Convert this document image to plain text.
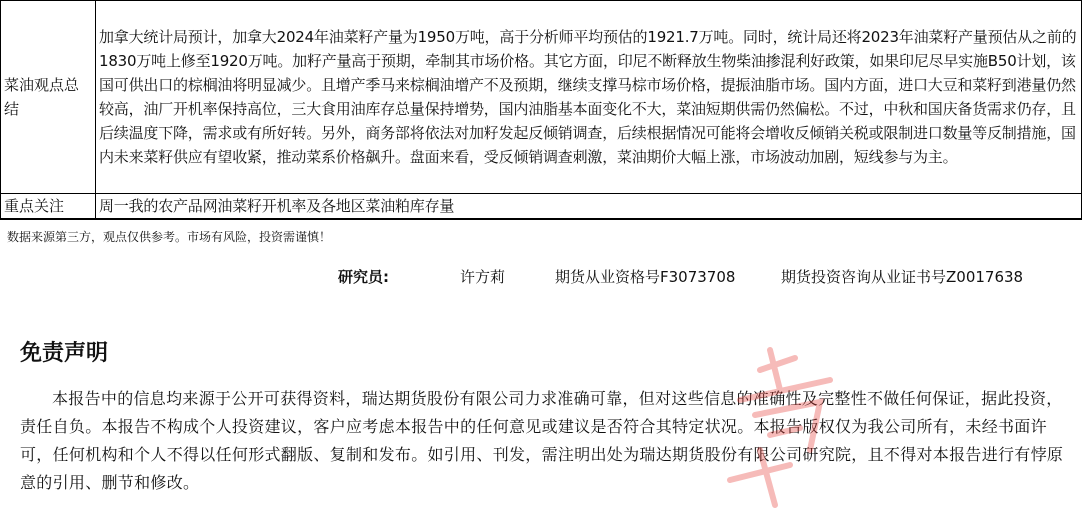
菜油观点总结	加拿大统计局预计，加拿大2024年油菜籽产量为1950万吨，高于分析师平均预估的1921.7万吨。同时，统计局还将2023年油菜籽产量预估从之前的1830万吨上修至1920万吨。加籽产量高于预期，牵制其市场价格。其它方面，印尼不断释放生物柴油掺混利好政策，如果印尼尽早实施B50计划，该国可供出口的棕榈油将明显减少。且增产季马来棕榈油增产不及预期，继续支撑马棕市场价格，提振油脂市场。国内方面，进口大豆和菜籽到港量仍然较高，油厂开机率保持高位，三大食用油库存总量保持增势，国内油脂基本面变化不大，菜油短期供需仍然偏松。不过，中秋和国庆备货需求仍存，且后续温度下降，需求或有所好转。另外，商务部将依法对加籽发起反倾销调查，后续根据情况可能将会增收反倾销关税或限制进口数量等反制措施，国内未来菜籽供应有望收紧，推动菜系价格飙升。盘面来看，受反倾销调查刺激，菜油期价大幅上涨，市场波动加剧，短线参与为主。
重点关注	周一我的农产品网油菜籽开机率及各地区菜油粕库存量
数据来源第三方，观点仅供参考。市场有风险，投资需谨慎！
研究员:	许方莉	期货从业资格号F3073708	期货投资咨询从业证书号Z0017638
免责声明

本报告中的信息均来源于公开可获得资料，瑞达期货股份有限公司力求准确可靠，但对这些信息的准确性及完整性不做任何保证，据此投资，责任自负。本报告不构成个人投资建议，客户应考虑本报告中的任何意见或建议是否符合其特定状况。本报告版权仅为我公司所有，未经书面许可，任何机构和个人不得以任何形式翻版、复制和发布。如引用、刊发，需注明出处为瑞达期货股份有限公司研究院，且不得对本报告进行有悖原意的引用、删节和修改。
